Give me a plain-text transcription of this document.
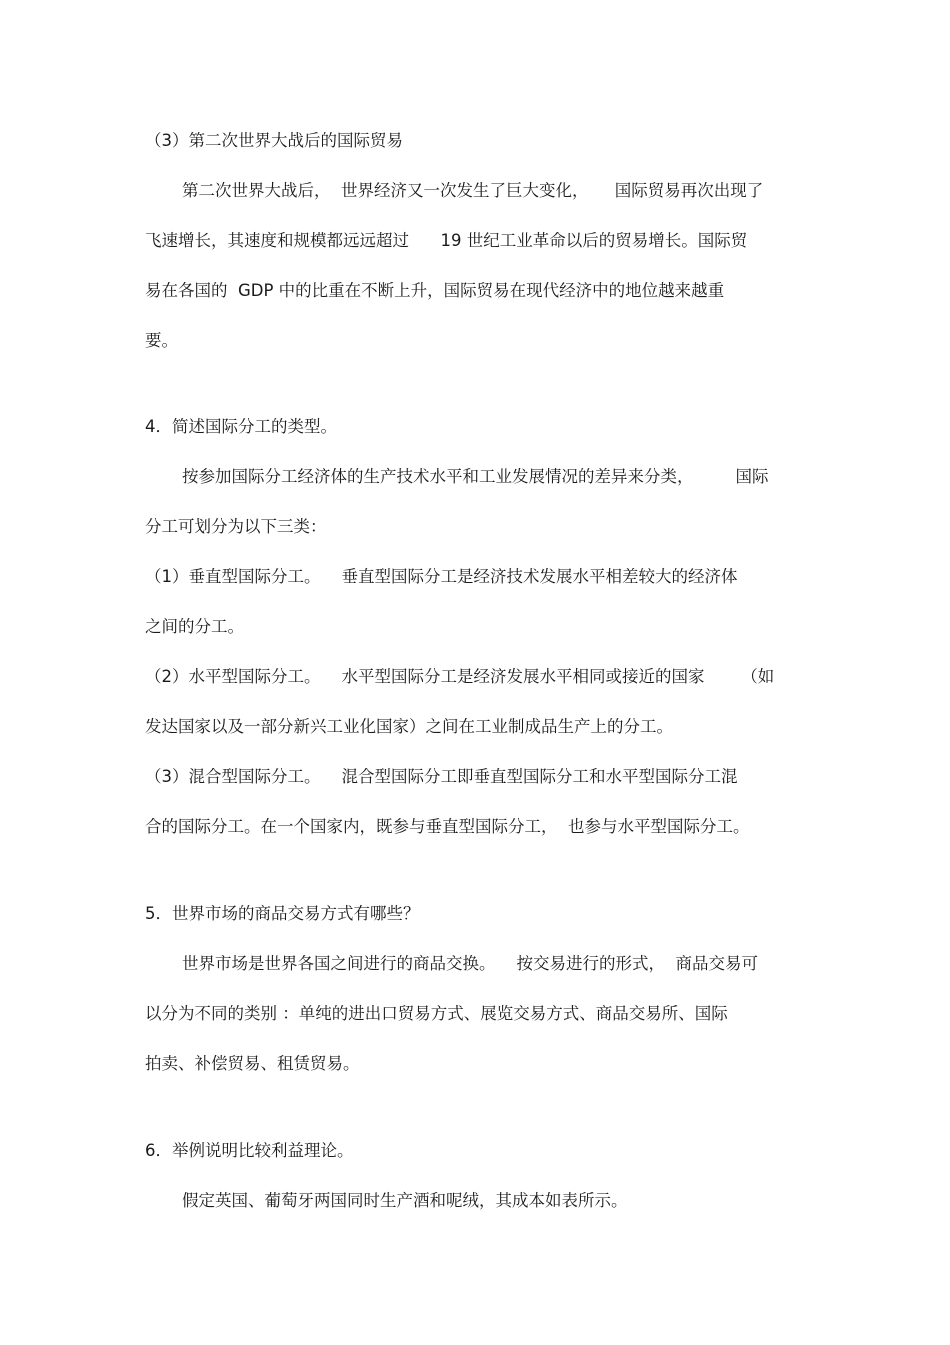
（3）第二次世界大战后的国际贸易
第二次世界大战后，  世界经济又一次发生了巨大变化，     国际贸易再次出现了
飞速增长，其速度和规模都远远超过      19 世纪工业革命以后的贸易增长。国际贸
易在各国的  GDP 中的比重在不断上升，国际贸易在现代经济中的地位越来越重
要。
4．简述国际分工的类型。
按参加国际分工经济体的生产技术水平和工业发展情况的差异来分类，        国际
分工可划分为以下三类：
（1）垂直型国际分工。    垂直型国际分工是经济技术发展水平相差较大的经济体
之间的分工。
（2）水平型国际分工。    水平型国际分工是经济发展水平相同或接近的国家       （如
发达国家以及一部分新兴工业化国家）之间在工业制成品生产上的分工。
（3）混合型国际分工。    混合型国际分工即垂直型国际分工和水平型国际分工混
合的国际分工。在一个国家内，既参与垂直型国际分工，  也参与水平型国际分工。
5．世界市场的商品交易方式有哪些？
世界市场是世界各国之间进行的商品交换。    按交易进行的形式，  商品交易可
以分为不同的类别 ：单纯的进出口贸易方式、展览交易方式、商品交易所、国际
拍卖、补偿贸易、租赁贸易。
6．举例说明比较利益理论。
假定英国、葡萄牙两国同时生产酒和呢绒，其成本如表所示。
